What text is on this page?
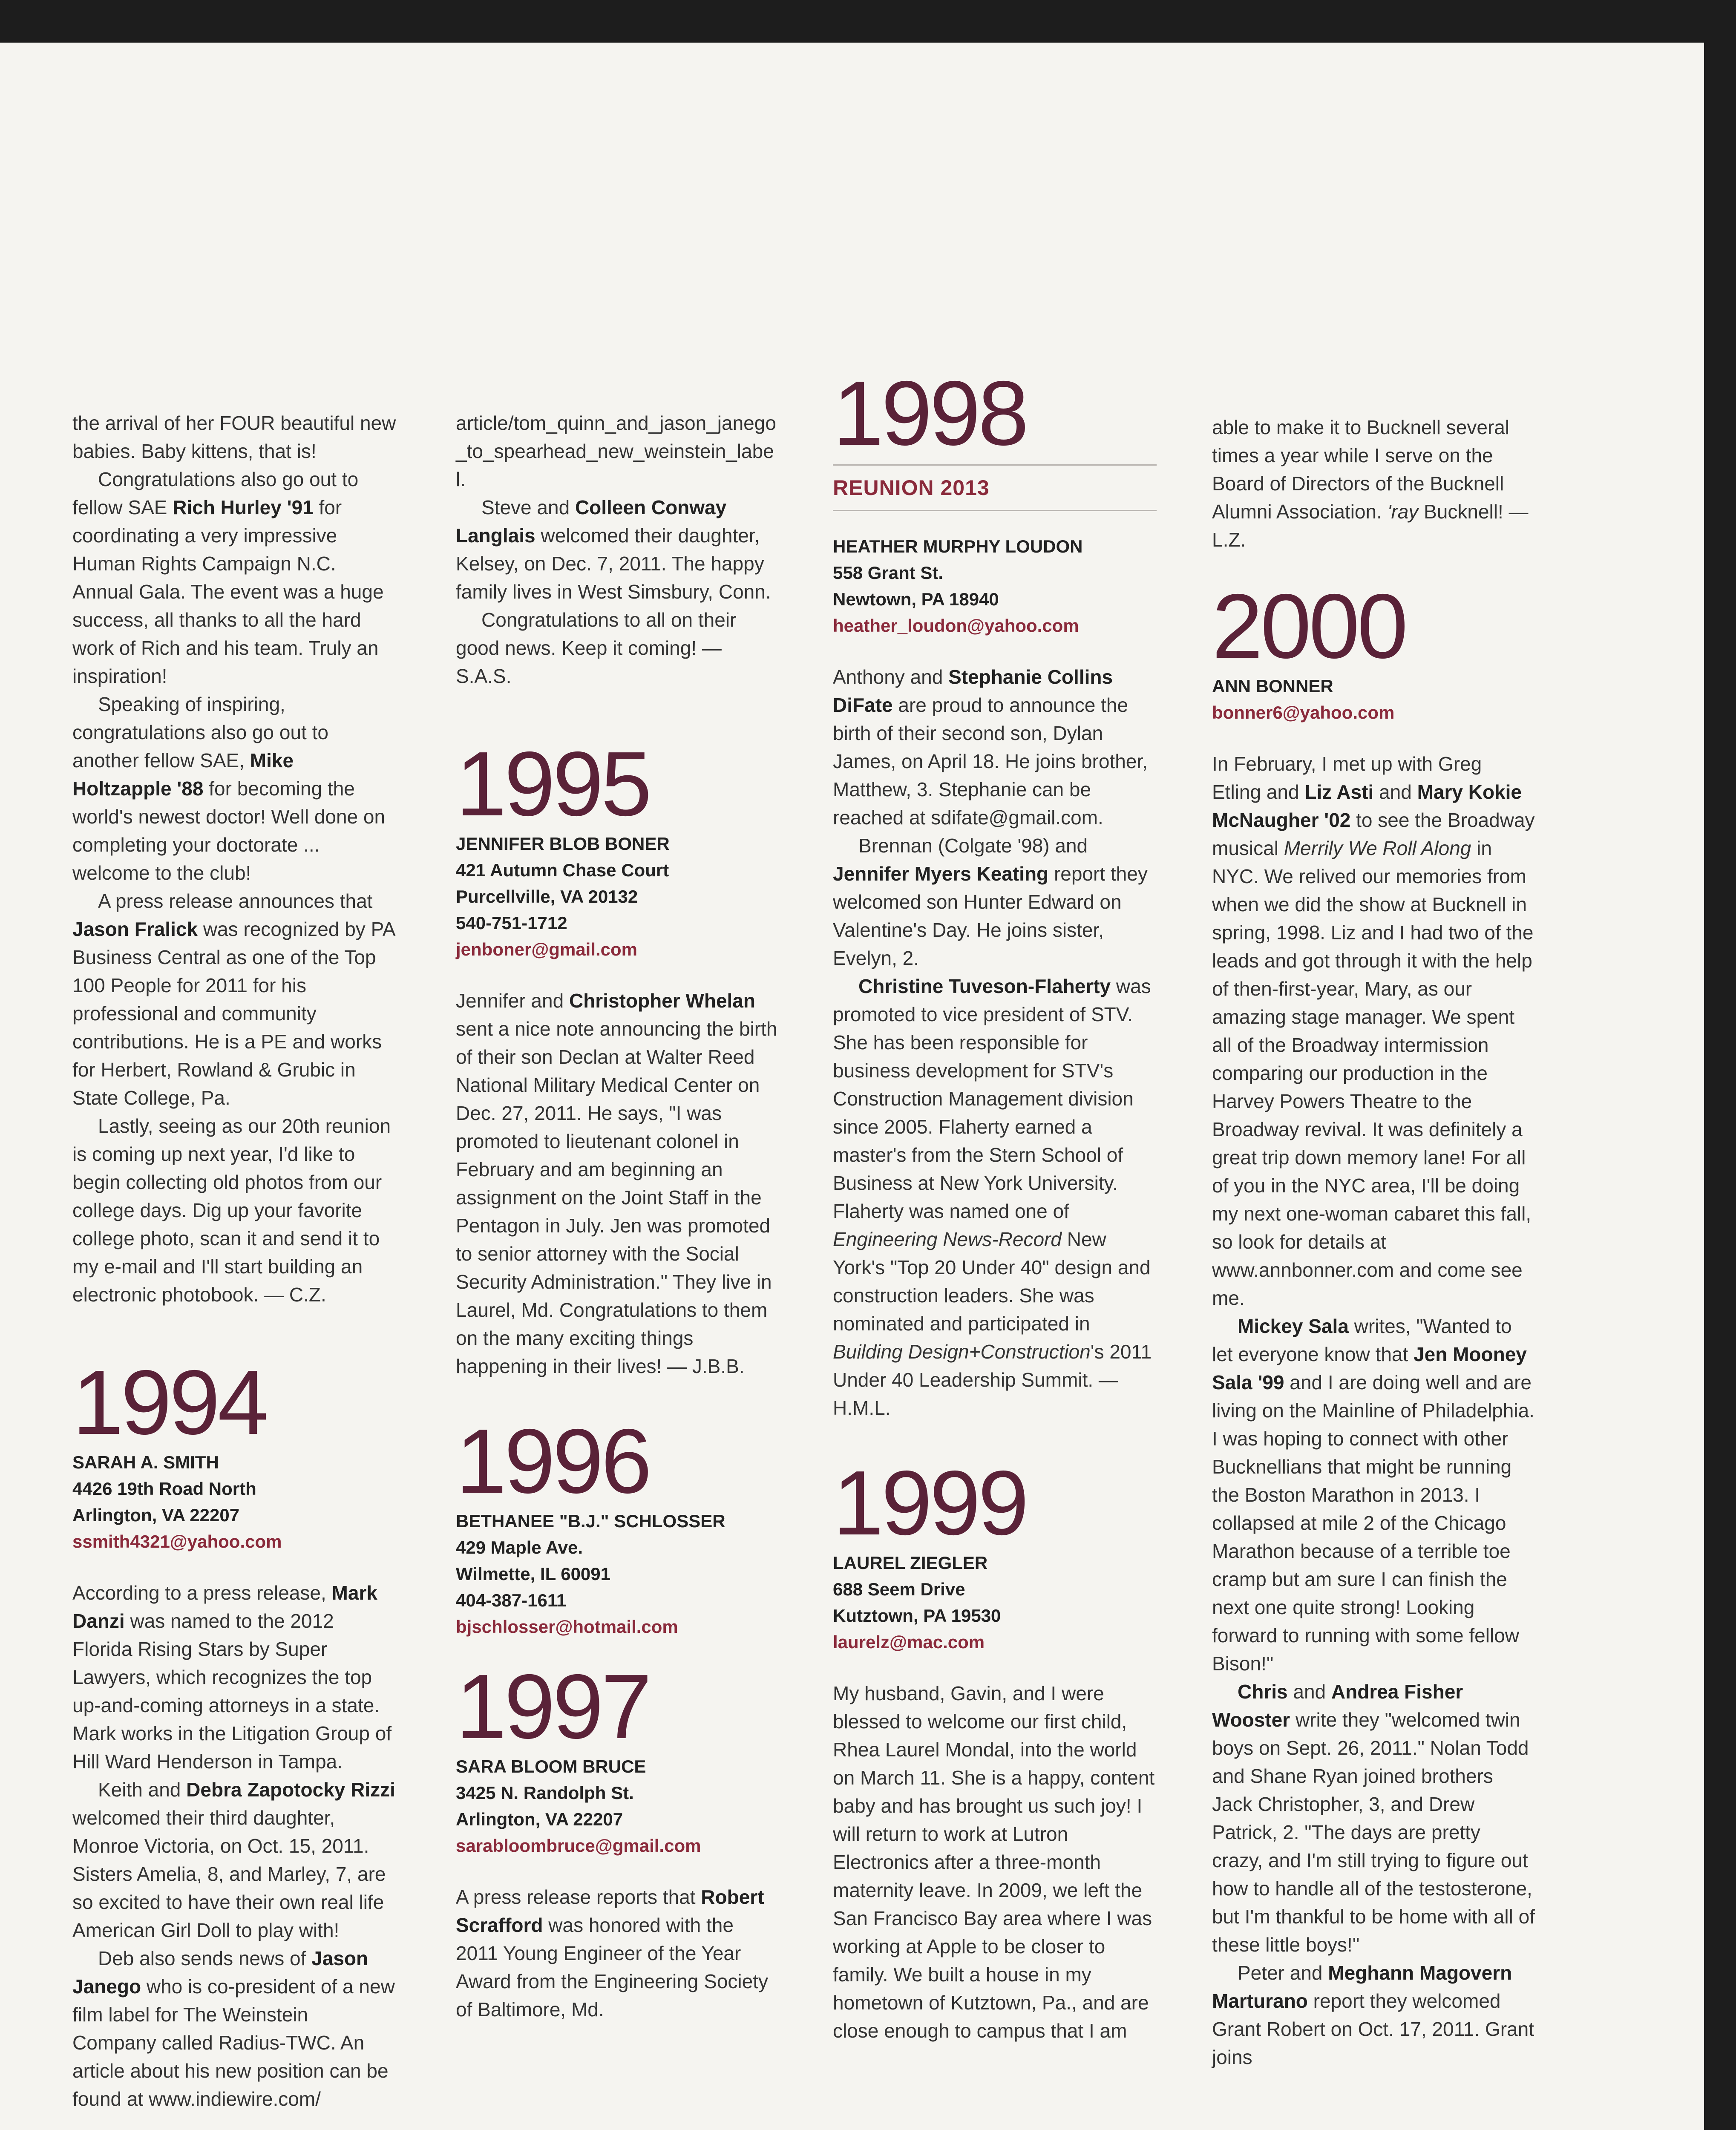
the arrival of her FOUR beautiful new babies. Baby kittens, that is!

Congratulations also go out to fellow SAE Rich Hurley '91 for coordinating a very impressive Human Rights Campaign N.C. Annual Gala. The event was a huge success, all thanks to all the hard work of Rich and his team. Truly an inspiration!

Speaking of inspiring, congratulations also go out to another fellow SAE, Mike Holtzapple '88 for becoming the world's newest doctor! Well done on completing your doctorate ... welcome to the club!

A press release announces that Jason Fralick was recognized by PA Business Central as one of the Top 100 People for 2011 for his professional and community contributions. He is a PE and works for Herbert, Rowland & Grubic in State College, Pa.

Lastly, seeing as our 20th reunion is coming up next year, I'd like to begin collecting old photos from our college days. Dig up your favorite college photo, scan it and send it to my e-mail and I'll start building an electronic photobook. — C.Z.

1994
SARAH A. SMITH
4426 19th Road North
Arlington, VA 22207
ssmith4321@yahoo.com

According to a press release, Mark Danzi was named to the 2012 Florida Rising Stars by Super Lawyers, which recognizes the top up-and-coming attorneys in a state. Mark works in the Litigation Group of Hill Ward Henderson in Tampa.

Keith and Debra Zapotocky Rizzi welcomed their third daughter, Monroe Victoria, on Oct. 15, 2011. Sisters Amelia, 8, and Marley, 7, are so excited to have their own real life American Girl Doll to play with!

Deb also sends news of Jason Janego who is co-president of a new film label for The Weinstein Company called Radius-TWC. An article about his new position can be found at www.indiewire.com/

article/tom_quinn_and_jason_janego_to_spearhead_new_weinstein_label.

Steve and Colleen Conway Langlais welcomed their daughter, Kelsey, on Dec. 7, 2011. The happy family lives in West Simsbury, Conn.

Congratulations to all on their good news. Keep it coming! — S.A.S.

1995
JENNIFER BLOB BONER
421 Autumn Chase Court
Purcellville, VA 20132
540-751-1712
jenboner@gmail.com

Jennifer and Christopher Whelan sent a nice note announcing the birth of their son Declan at Walter Reed National Military Medical Center on Dec. 27, 2011. He says, "I was promoted to lieutenant colonel in February and am beginning an assignment on the Joint Staff in the Pentagon in July. Jen was promoted to senior attorney with the Social Security Administration." They live in Laurel, Md. Congratulations to them on the many exciting things happening in their lives! — J.B.B.

1996
BETHANEE "B.J." SCHLOSSER
429 Maple Ave.
Wilmette, IL 60091
404-387-1611
bjschlosser@hotmail.com
1997
SARA BLOOM BRUCE
3425 N. Randolph St.
Arlington, VA 22207
sarabloombruce@gmail.com

A press release reports that Robert Scrafford was honored with the 2011 Young Engineer of the Year Award from the Engineering Society of Baltimore, Md.

1998
REUNION 2013
HEATHER MURPHY LOUDON
558 Grant St.
Newtown, PA 18940
heather_loudon@yahoo.com

Anthony and Stephanie Collins DiFate are proud to announce the birth of their second son, Dylan James, on April 18. He joins brother, Matthew, 3. Stephanie can be reached at sdifate@gmail.com.

Brennan (Colgate '98) and Jennifer Myers Keating report they welcomed son Hunter Edward on Valentine's Day. He joins sister, Evelyn, 2.

Christine Tuveson-Flaherty was promoted to vice president of STV. She has been responsible for business development for STV's Construction Management division since 2005. Flaherty earned a master's from the Stern School of Business at New York University. Flaherty was named one of Engineering News-Record New York's "Top 20 Under 40" design and construction leaders. She was nominated and participated in Building Design+Construction's 2011 Under 40 Leadership Summit. — H.M.L.

1999
LAUREL ZIEGLER
688 Seem Drive
Kutztown, PA 19530
laurelz@mac.com

My husband, Gavin, and I were blessed to welcome our first child, Rhea Laurel Mondal, into the world on March 11. She is a happy, content baby and has brought us such joy! I will return to work at Lutron Electronics after a three-month maternity leave. In 2009, we left the San Francisco Bay area where I was working at Apple to be closer to family. We built a house in my hometown of Kutztown, Pa., and are close enough to campus that I am

able to make it to Bucknell several times a year while I serve on the Board of Directors of the Bucknell Alumni Association. 'ray Bucknell! — L.Z.

2000
ANN BONNER
bonner6@yahoo.com

In February, I met up with Greg Etling and Liz Asti and Mary Kokie McNaugher '02 to see the Broadway musical Merrily We Roll Along in NYC. We relived our memories from when we did the show at Bucknell in spring, 1998. Liz and I had two of the leads and got through it with the help of then-first-year, Mary, as our amazing stage manager. We spent all of the Broadway intermission comparing our production in the Harvey Powers Theatre to the Broadway revival. It was definitely a great trip down memory lane! For all of you in the NYC area, I'll be doing my next one-woman cabaret this fall, so look for details at www.annbonner.com and come see me.

Mickey Sala writes, "Wanted to let everyone know that Jen Mooney Sala '99 and I are doing well and are living on the Mainline of Philadelphia. I was hoping to connect with other Bucknellians that might be running the Boston Marathon in 2013. I collapsed at mile 2 of the Chicago Marathon because of a terrible toe cramp but am sure I can finish the next one quite strong! Looking forward to running with some fellow Bison!"

Chris and Andrea Fisher Wooster write they "welcomed twin boys on Sept. 26, 2011." Nolan Todd and Shane Ryan joined brothers Jack Christopher, 3, and Drew Patrick, 2. "The days are pretty crazy, and I'm still trying to figure out how to handle all of the testosterone, but I'm thankful to be home with all of these little boys!"

Peter and Meghann Magovern Marturano report they welcomed Grant Robert on Oct. 17, 2011. Grant joins
